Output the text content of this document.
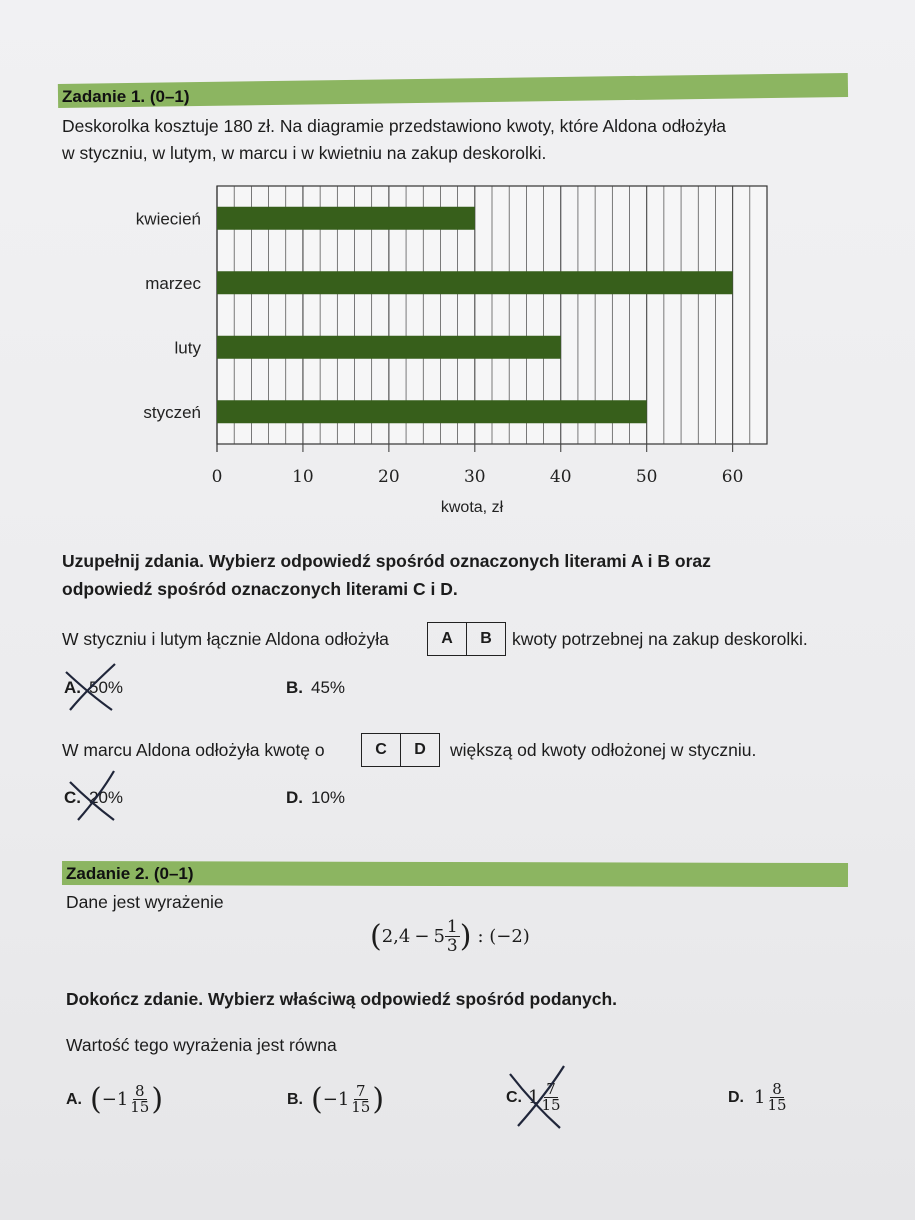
Zadanie 1. (0–1)
Deskorolka kosztuje 180 zł. Na diagramie przedstawiono kwoty, które Aldona odłożyła
w styczniu, w lutym, w marcu i w kwietniu na zakup deskorolki.
kwiecień
marzec
luty
styczeń
0	10	20	30	40	50	60
kwota, zł
Uzupełnij zdania. Wybierz odpowiedź spośród oznaczonych literami A i B oraz
odpowiedź spośród oznaczonych literami C i D.
W styczniu i lutym łącznie Aldona odłożyła	A	B	kwoty potrzebnej na zakup deskorolki.
A. 50%	B. 45%
W marcu Aldona odłożyła kwotę o	C	D	większą od kwoty odłożonej w styczniu.
C. 20%	D. 10%
Zadanie 2. (0–1)
Dane jest wyrażenie
( $2,4 - 5 \frac{1}{3}$ ) : (−2)
Dokończ zdanie. Wybierz właściwą odpowiedź spośród podanych.
Wartość tego wyrażenia jest równa
A. ( − $1 \frac{8}{15}$ )	B. ( − $1 \frac{7}{15}$ )	C. $1 \frac{7}{15}$	D. $1 \frac{8}{15}$
